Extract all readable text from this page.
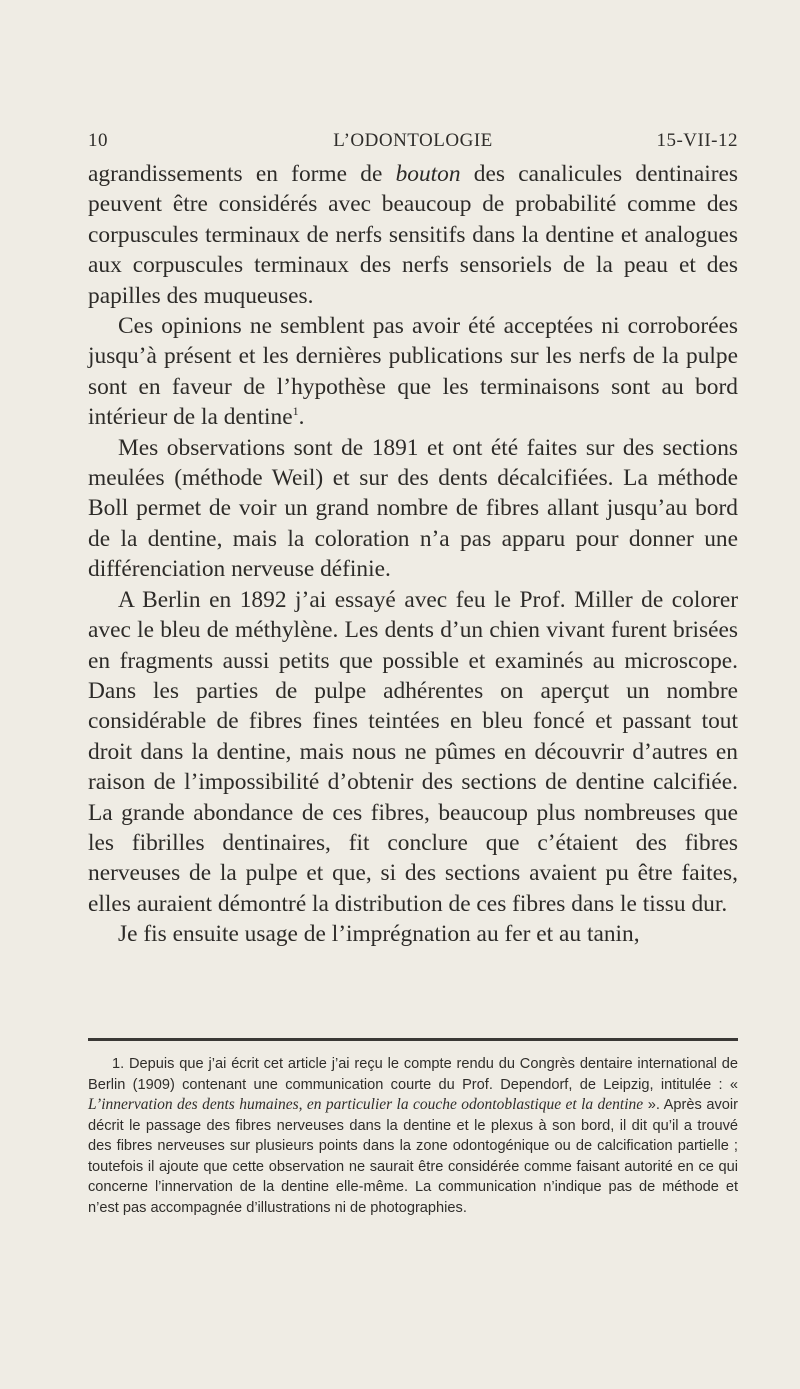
L’ODONTOLOGIE
10	15-VII-12

agrandissements en forme de bouton des canalicules dentinaires peuvent être considérés avec beaucoup de probabilité comme des corpuscules terminaux de nerfs sensitifs dans la dentine et analogues aux corpuscules terminaux des nerfs sensoriels de la peau et des papilles des muqueuses.

Ces opinions ne semblent pas avoir été acceptées ni corroborées jusqu’à présent et les dernières publications sur les nerfs de la pulpe sont en faveur de l’hypothèse que les terminaisons sont au bord intérieur de la dentine$^1$.

Mes observations sont de 1891 et ont été faites sur des sections meulées (méthode Weil) et sur des dents décalcifiées. La méthode Boll permet de voir un grand nombre de fibres allant jusqu’au bord de la dentine, mais la coloration n’a pas apparu pour donner une différenciation nerveuse définie.

A Berlin en 1892 j’ai essayé avec feu le Prof. Miller de colorer avec le bleu de méthylène. Les dents d’un chien vivant furent brisées en fragments aussi petits que possible et examinés au microscope. Dans les parties de pulpe adhérentes on aperçut un nombre considérable de fibres fines teintées en bleu foncé et passant tout droit dans la dentine, mais nous ne pûmes en découvrir d’autres en raison de l’impossibilité d’obtenir des sections de dentine calcifiée. La grande abondance de ces fibres, beaucoup plus nombreuses que les fibrilles dentinaires, fit conclure que c’étaient des fibres nerveuses de la pulpe et que, si des sections avaient pu être faites, elles auraient démontré la distribution de ces fibres dans le tissu dur.

Je fis ensuite usage de l’imprégnation au fer et au tanin,

1. Depuis que j’ai écrit cet article j’ai reçu le compte rendu du Congrès dentaire international de Berlin (1909) contenant une communication courte du Prof. Dependorf, de Leipzig, intitulée : « L’innervation des dents humaines, en particulier la couche odontoblastique et la dentine ». Après avoir décrit le passage des fibres nerveuses dans la dentine et le plexus à son bord, il dit qu’il a trouvé des fibres nerveuses sur plusieurs points dans la zone odontogénique ou de calcification partielle ; toutefois il ajoute que cette observation ne saurait être considérée comme faisant autorité en ce qui concerne l’innervation de la dentine elle-même. La communication n’indique pas de méthode et n’est pas accompagnée d’illustrations ni de photographies.
